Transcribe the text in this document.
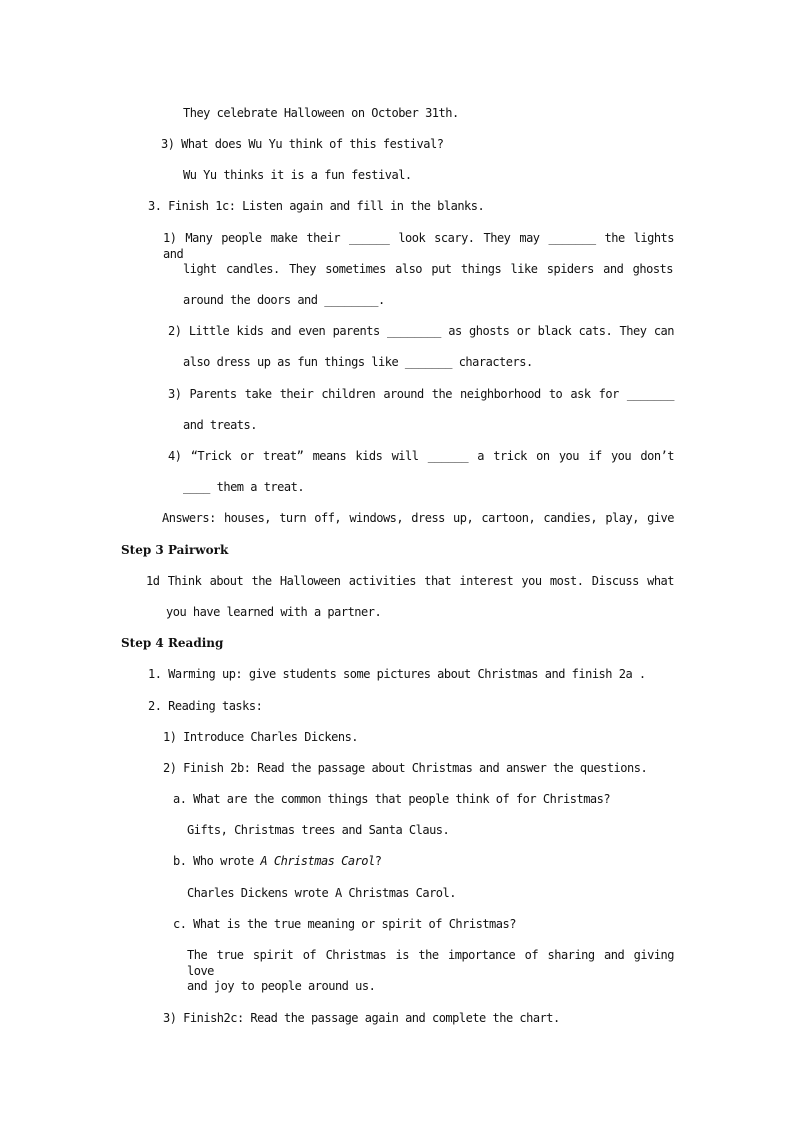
They celebrate Halloween on October 31th.
3) What does Wu Yu think of this festival?
Wu Yu thinks it is a fun festival.
3. Finish 1c: Listen again and fill in the blanks.
1) Many people make their ______ look scary. They may _______ the lights and
light candles. They sometimes also put things like spiders and ghosts
around the doors and ________.
2) Little kids and even parents ________ as ghosts or black cats. They can
also dress up as fun things like _______ characters.
3) Parents take their children around the neighborhood to ask for _______
and treats.
4) “Trick or treat” means kids will ______ a trick on you if you don’t
____ them a treat.
Answers: houses, turn off, windows, dress up, cartoon, candies, play, give
Step 3 Pairwork
1d Think about the Halloween activities that interest you most. Discuss what
you have learned with a partner.
Step 4 Reading
1. Warming up: give students some pictures about Christmas and finish 2a .
2. Reading tasks:
1) Introduce Charles Dickens.
2) Finish 2b: Read the passage about Christmas and answer the questions.
a. What are the common things that people think of for Christmas?
Gifts, Christmas trees and Santa Claus.
b. Who wrote A Christmas Carol?
Charles Dickens wrote A Christmas Carol.
c. What is the true meaning or spirit of Christmas?
The true spirit of Christmas is the importance of sharing and giving love
and joy to people around us.
3) Finish2c: Read the passage again and complete the chart.
